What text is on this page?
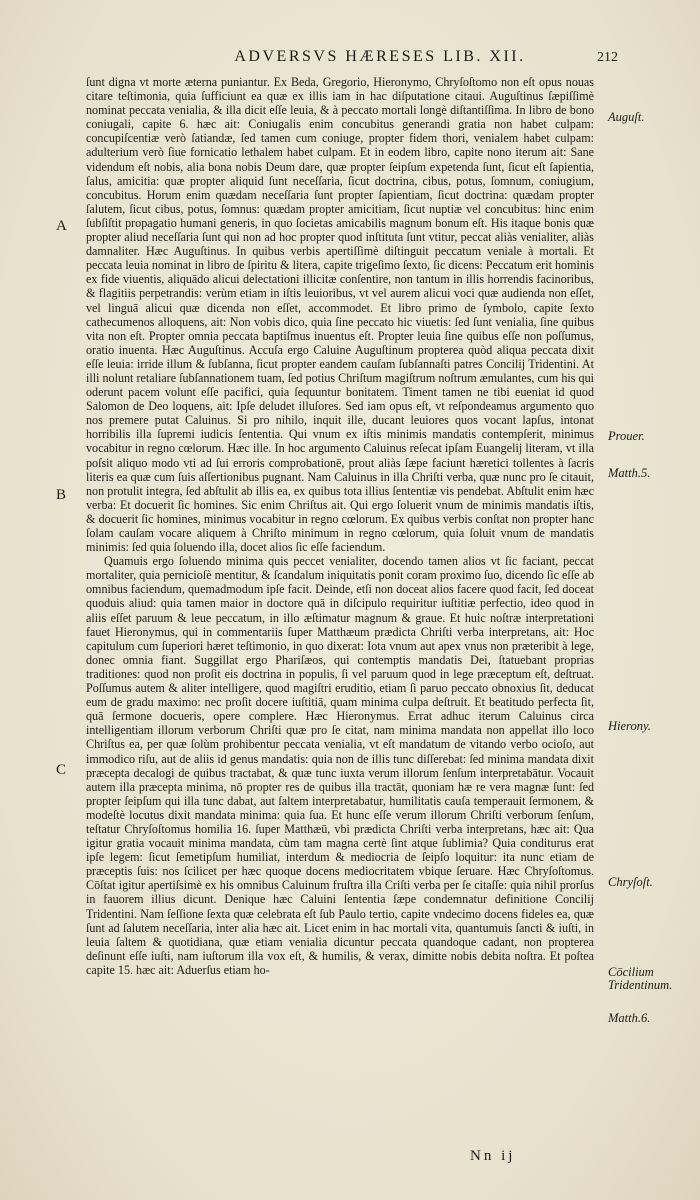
ADVERSVS HÆRESES LIB. XII.	212

ſunt digna vt morte æterna puniantur. Ex Beda, Gregorio, Hieronymo, Chryſoſtomo non eſt opus nouas citare teſtimonia, quia ſufficiunt ea quæ ex illis iam in hac diſputatione citaui. Auguſtinus ſæpiſſimè nominat peccata venialia, & illa dicit eſſe leuia, & à peccato mortali longè diſtantiſſima. In libro de bono coniugali, capite 6. hæc ait: Coniugalis enim concubitus generandi gratia non habet culpam: concupiſcentiæ verò ſatiandæ, ſed tamen cum coniuge, propter fidem thori, venialem habet culpam: adulterium verò ſiue fornicatio lethalem habet culpam. Et in eodem libro, capite nono iterum ait: Sane videndum eſt nobis, alia bona nobis Deum dare, quæ propter ſeipſum expetenda ſunt, ſicut eſt ſapientia, ſalus, amicitia: quæ propter aliquid ſunt neceſſaria, ſicut doctrina, cibus, potus, ſomnum, coniugium, concubitus. Horum enim quædam neceſſaria ſunt propter ſapientiam, ſicut doctrina: quædam propter ſalutem, ſicut cibus, potus, ſomnus: quædam propter amicitiam, ſicut nuptiæ vel concubitus: hinc enim ſubſiſtit propagatio humani generis, in quo ſocietas amicabilis magnum bonum eſt. His itaque bonis quæ propter aliud neceſſaria ſunt qui non ad hoc propter quod inſtituta ſunt vtitur, peccat aliàs venialiter, aliàs damnaliter. Hæc Auguſtinus. In quibus verbis apertiſſimè diſtinguit peccatum veniale à mortali. Et peccata leuia nominat in libro de ſpiritu & litera, capite trigeſimo ſexto, ſic dicens: Peccatum erit hominis ex fide viuentis, aliquādo alicui delectationi illicitæ conſentire, non tantum in illis horrendis facinoribus, & flagitiis perpetrandis: verùm etiam in iſtis leuioribus, vt vel aurem alicui voci quæ audienda non eſſet, vel linguā alicui quæ dicenda non eſſet, accommodet. Et libro primo de ſymbolo, capite ſexto cathecumenos alloquens, ait: Non vobis dico, quia ſine peccato hic viuetis: ſed ſunt venialia, ſine quibus vita non eſt. Propter omnia peccata baptiſmus inuentus eſt. Propter leuia ſine quibus eſſe non poſſumus, oratio inuenta. Hæc Auguſtinus. Accuſa ergo Caluine Auguſtinum propterea quòd aliqua peccata dixit eſſe leuia: irride illum & ſubſanna, ſicut propter eandem cauſam ſubſannaſti patres Concilij Tridentini. At illi nolunt retaliare ſubſannationem tuam, ſed potius Chriſtum magiſtrum noſtrum æmulantes, cum his qui oderunt pacem volunt eſſe pacifici, quia ſequuntur bonitatem. Timent tamen ne tibi eueniat id quod Salomon de Deo loquens, ait: Ipſe deludet illuſores. Sed iam opus eſt, vt reſpondeamus argumento quo nos premere putat Caluinus. Si pro nihilo, inquit ille, ducant leuiores quos vocant lapſus, intonat horribilis illa ſupremi iudicis ſententia. Qui vnum ex iſtis minimis mandatis contempſerit, minimus vocabitur in regno cœlorum. Hæc ille. In hoc argumento Caluinus reſecat ipſam Euangelij literam, vt illa poſsit aliquo modo vti ad ſui erroris comprobationē, prout aliàs ſæpe faciunt hæretici tollentes à ſacris literis ea quæ cum ſuis aſſertionibus pugnant. Nam Caluinus in illa Chriſti verba, quæ nunc pro ſe citauit, non protulit integra, ſed abſtulit ab illis ea, ex quibus tota illius ſententiæ vis pendebat. Abſtulit enim hæc verba: Et docuerit ſic homines. Sic enim Chriſtus ait. Qui ergo ſoluerit vnum de minimis mandatis iſtis, & docuerit ſic homines, minimus vocabitur in regno cœlorum. Ex quibus verbis conſtat non propter hanc ſolam cauſam vocare aliquem à Chriſto minimum in regno cœlorum, quia ſoluit vnum de mandatis minimis: ſed quia ſoluendo illa, docet alios ſic eſſe faciendum.

Quamuis ergo ſoluendo minima quis peccet venialiter, docendo tamen alios vt ſic faciant, peccat mortaliter, quia pernicioſè mentitur, & ſcandalum iniquitatis ponit coram proximo ſuo, dicendo ſic eſſe ab omnibus faciendum, quemadmodum ipſe facit. Deinde, etſi non doceat alios facere quod facit, ſed doceat quoduis aliud: quia tamen maior in doctore quā in diſcipulo requiritur iuſtitiæ perfectio, ideo quod in aliis eſſet paruum & leue peccatum, in illo æſtimatur magnum & graue. Et huic noſtræ interpretationi fauet Hieronymus, qui in commentariis ſuper Matthæum prædicta Chriſti verba interpretans, ait: Hoc capitulum cum ſuperiori hæret teſtimonio, in quo dixerat: Iota vnum aut apex vnus non præteribit à lege, donec omnia fiant. Suggillat ergo Phariſæos, qui contemptis mandatis Dei, ſtatuebant proprias traditiones: quod non proſit eis doctrina in populis, ſi vel paruum quod in lege præceptum eſt, deſtruat. Poſſumus autem & aliter intelligere, quod magiſtri eruditio, etiam ſi paruo peccato obnoxius ſit, deducat eum de gradu maximo: nec proſit docere iuſtitiā, quam minima culpa deſtruit. Et beatitudo perfecta ſit, quā ſermone docueris, opere complere. Hæc Hieronymus. Errat adhuc iterum Caluinus circa intelligentiam illorum verborum Chriſti quæ pro ſe citat, nam minima mandata non appellat illo loco Chriſtus ea, per quæ ſolùm prohibentur peccata venialia, vt eſt mandatum de vitando verbo ocioſo, aut immodico riſu, aut de aliis id genus mandatis: quia non de illis tunc diſſerebat: ſed minima mandata dixit præcepta decalogi de quibus tractabat, & quæ tunc iuxta verum illorum ſenſum interpretabātur. Vocauit autem illa præcepta minima, nō propter res de quibus illa tractāt, quoniam hæ re vera magnæ ſunt: ſed propter ſeipſum qui illa tunc dabat, aut ſaltem interpretabatur, humilitatis cauſa temperauit ſermonem, & modeſtè locutus dixit mandata minima: quia ſua. Et hunc eſſe verum illorum Chriſti verborum ſenſum, teſtatur Chryſoſtomus homilia 16. ſuper Matthæū, vbi prædicta Chriſti verba interpretans, hæc ait: Qua igitur gratia vocauit minima mandata, cùm tam magna certè ſint atque ſublimia? Quia conditurus erat ipſe legem: ſicut ſemetipſum humiliat, interdum & mediocria de ſeipſo loquitur: ita nunc etiam de præceptis ſuis: nos ſcilicet per hæc quoque docens mediocritatem vbique ſeruare. Hæc Chryſoſtomus. Cōſtat igitur apertiſsimè ex his omnibus Caluinum fruſtra illa Criſti verba per ſe citaſſe: quia nihil prorſus in fauorem illius dicunt. Denique hæc Caluini ſententia ſæpe condemnatur definitione Concilij Tridentini. Nam ſeſſione ſexta quæ celebrata eſt ſub Paulo tertio, capite vndecimo docens fideles ea, quæ ſunt ad ſalutem neceſſaria, inter alia hæc ait. Licet enim in hac mortali vita, quantumuis ſancti & iuſti, in leuia ſaltem & quotidiana, quæ etiam venialia dicuntur peccata quandoque cadant, non propterea deſinunt eſſe iuſti, nam iuſtorum illa vox eſt, & humilis, & verax, dimitte nobis debita noſtra. Et poſtea capite 15. hæc ait: Aduerſus etiam ho-

A
B
C
Auguſt.
Prouer.
Matth.5.
Hierony.
Chryſoſt.
Cōcilium Tridentinum.
Matth.6.
Nn ij
